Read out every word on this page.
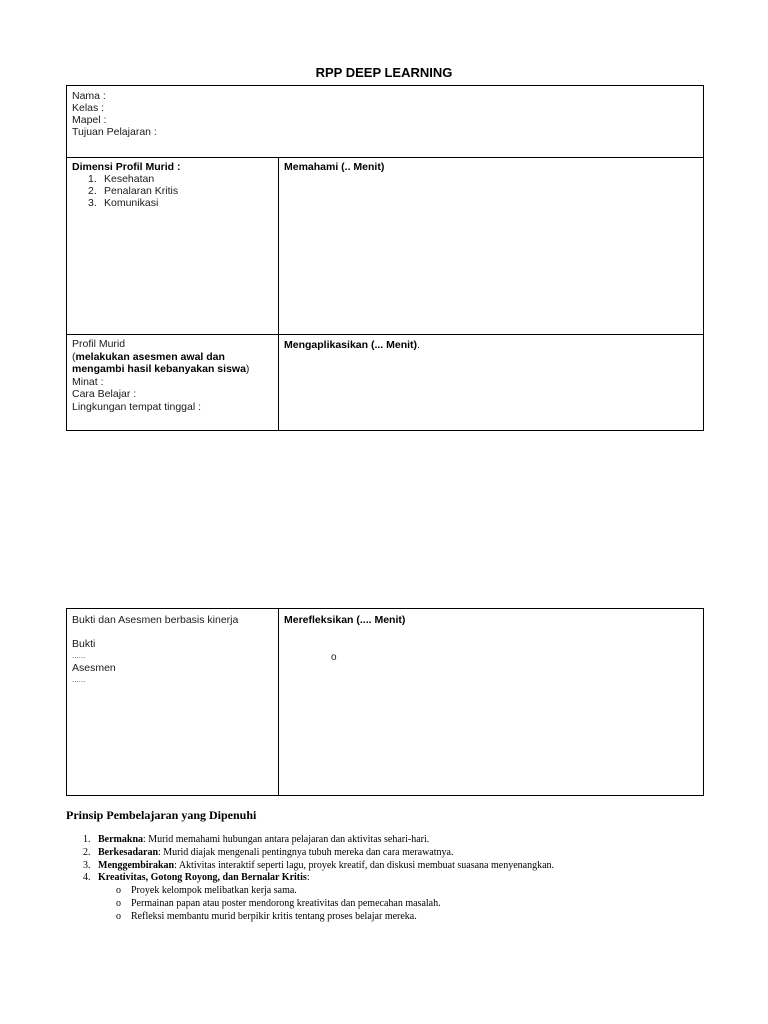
RPP DEEP LEARNING
Nama :
Kelas :
Mapel :
Tujuan Pelajaran :
Dimensi Profil Murid :
1. Kesehatan
2. Penalaran Kritis
3. Komunikasi
Memahami (.. Menit)
Profil Murid
(melakukan asesmen awal dan
mengambi hasil kebanyakan siswa)
Minat :
Cara Belajar :
Lingkungan tempat tinggal :
Mengaplikasikan (... Menit).
Bukti dan Asesmen berbasis kinerja
Bukti
......
Asesmen
......
Merefleksikan (.... Menit)
o
Prinsip Pembelajaran yang Dipenuhi
1. Bermakna: Murid memahami hubungan antara pelajaran dan aktivitas sehari-hari.
2. Berkesadaran: Murid diajak mengenali pentingnya tubuh mereka dan cara merawatnya.
3. Menggembirakan: Aktivitas interaktif seperti lagu, proyek kreatif, dan diskusi membuat suasana menyenangkan.
4. Kreativitas, Gotong Royong, dan Bernalar Kritis:
o Proyek kelompok melibatkan kerja sama.
o Permainan papan atau poster mendorong kreativitas dan pemecahan masalah.
o Refleksi membantu murid berpikir kritis tentang proses belajar mereka.
